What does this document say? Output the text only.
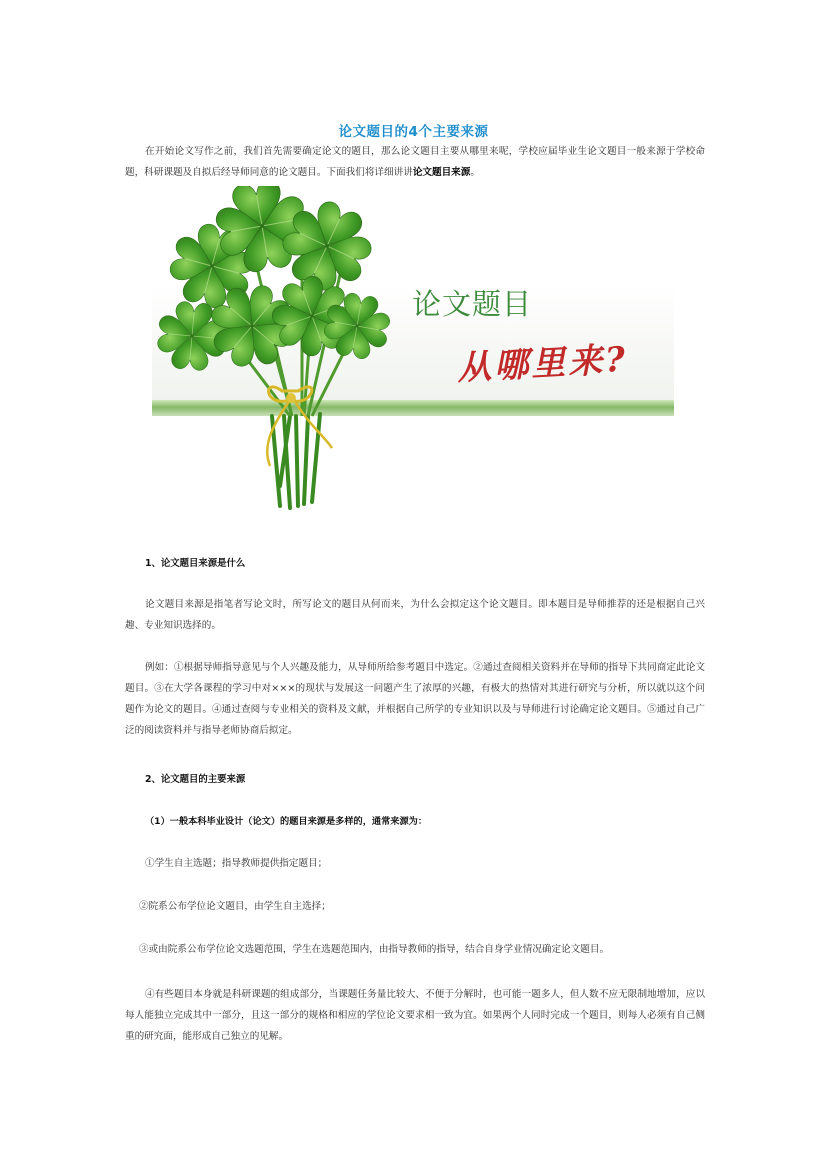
论文题目的4个主要来源
在开始论文写作之前，我们首先需要确定论文的题目，那么论文题目主要从哪里来呢，学校应届毕业生论文题目一般来源于学校命题，科研课题及自拟后经导师同意的论文题目。下面我们将详细讲讲论文题目来源。
论文题目
从哪里来?
1、论文题目来源是什么
论文题目来源是指笔者写论文时，所写论文的题目从何而来，为什么会拟定这个论文题目。即本题目是导师推荐的还是根据自己兴趣、专业知识选择的。
例如：①根据导师指导意见与个人兴趣及能力，从导师所给参考题目中选定。②通过查阅相关资料并在导师的指导下共同商定此论文题目。③在大学各课程的学习中对×××的现状与发展这一问题产生了浓厚的兴趣，有极大的热情对其进行研究与分析，所以就以这个问题作为论文的题目。④通过查阅与专业相关的资料及文献，并根据自己所学的专业知识以及与导师进行讨论确定论文题目。⑤通过自己广泛的阅读资料并与指导老师协商后拟定。
2、论文题目的主要来源
（1）一般本科毕业设计（论文）的题目来源是多样的，通常来源为：
①学生自主选题；指导教师提供指定题目；
②院系公布学位论文题目，由学生自主选择；
③或由院系公布学位论文选题范围，学生在选题范围内，由指导教师的指导，结合自身学业情况确定论文题目。
④有些题目本身就是科研课题的组成部分，当课题任务量比较大、不便于分解时，也可能一题多人，但人数不应无限制地增加，应以每人能独立完成其中一部分，且这一部分的规格和相应的学位论文要求相一致为宜。如果两个人同时完成一个题目，则每人必须有自己侧重的研究面，能形成自己独立的见解。
